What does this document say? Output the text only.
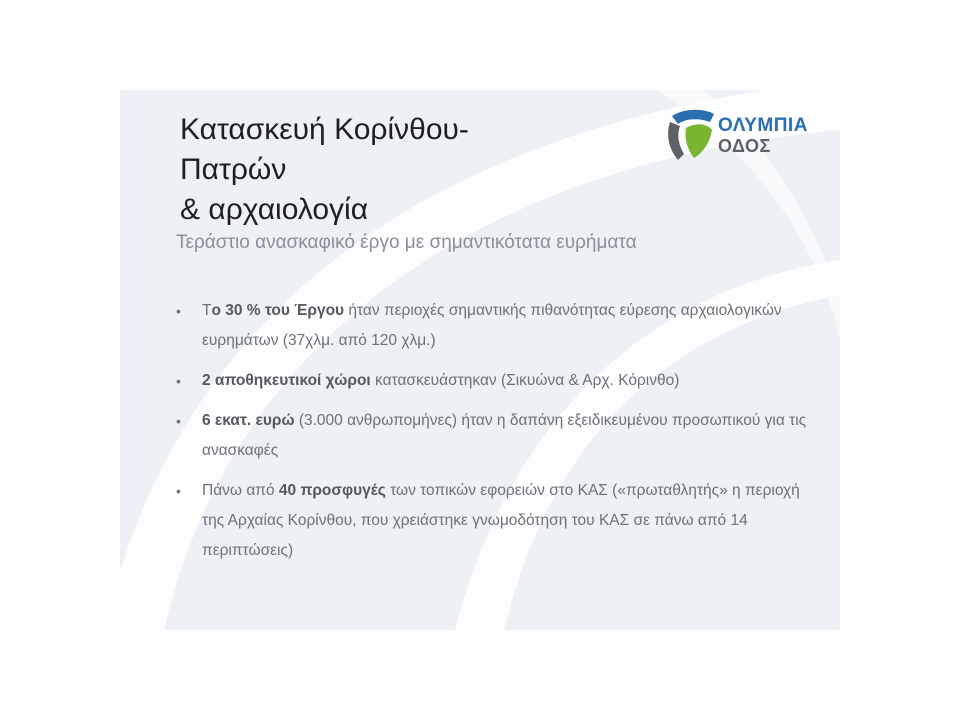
Κατασκευή Κορίνθου-
Πατρών
& αρχαιολογία

Τεράστιο ανασκαφικό έργο με σημαντικότατα ευρήματα

ΟΛΥΜΠΙΑ
ΟΔΟΣ
• Το 30 % του Έργου ήταν περιοχές σημαντικής πιθανότητας εύρεσης αρχαιολογικών ευρημάτων (37χλμ. από 120 χλμ.)
• 2 αποθηκευτικοί χώροι κατασκευάστηκαν (Σικυώνα & Αρχ. Κόρινθο)
• 6 εκατ. ευρώ (3.000 ανθρωπομήνες) ήταν η δαπάνη εξειδικευμένου προσωπικού για τις ανασκαφές
• Πάνω από 40 προσφυγές των τοπικών εφορειών στο ΚΑΣ («πρωταθλητής» η περιοχή της Αρχαίας Κορίνθου, που χρειάστηκε γνωμοδότηση του ΚΑΣ σε πάνω από 14 περιπτώσεις)
